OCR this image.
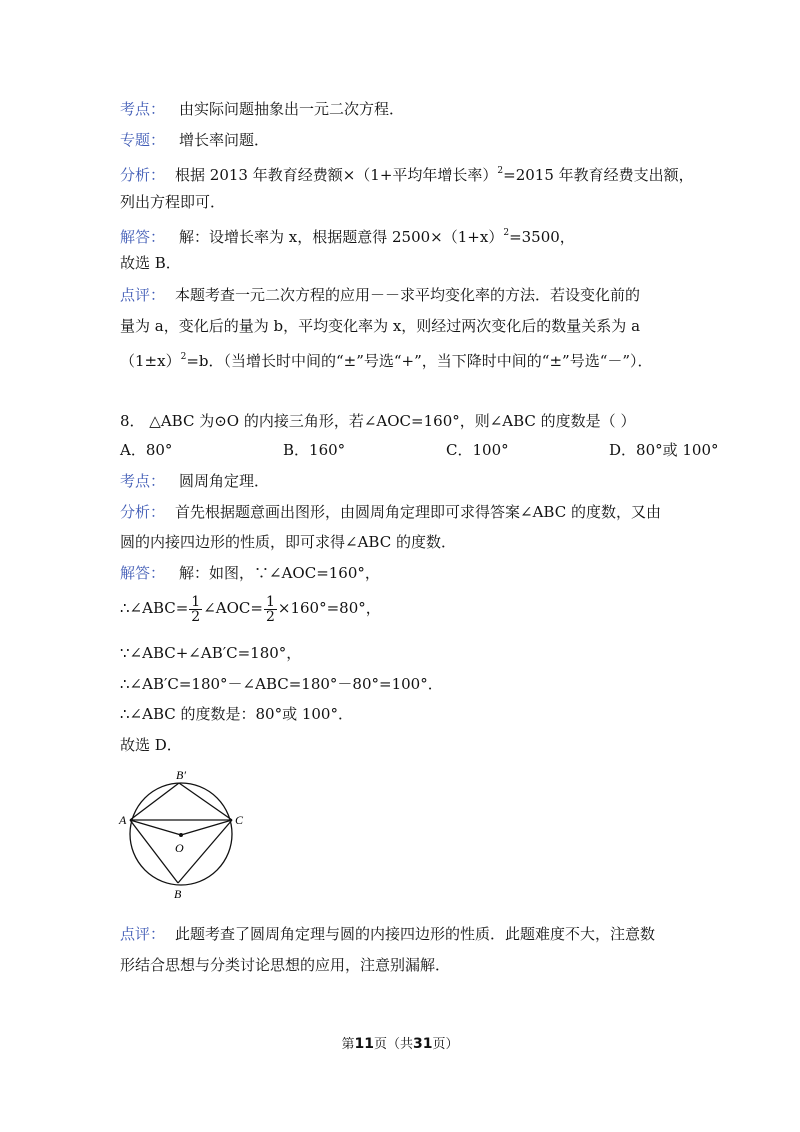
考点： 由实际问题抽象出一元二次方程．
专题： 增长率问题．
分析： 根据 2013 年教育经费额×（1+平均年增长率）$^2$=2015 年教育经费支出额，
列出方程即可．
解答： 解：设增长率为 x，根据题意得 $2500\times(1+x)^2=3500$，
故选 B．
点评： 本题考查一元二次方程的应用－－求平均变化率的方法．若设变化前的
量为 a，变化后的量为 b，平均变化率为 x，则经过两次变化后的数量关系为 a
$(1\pm x)^2=b$．（当增长时中间的“±”号选“+”，当下降时中间的“±”号选“－”）．
8． △ABC 为⊙O 的内接三角形，若∠AOC=160°，则∠ABC 的度数是（ ）
A．80°	B．160°	C．100°	D．80°或 100°
考点： 圆周角定理．
分析： 首先根据题意画出图形，由圆周角定理即可求得答案∠ABC 的度数，又由
圆的内接四边形的性质，即可求得∠ABC 的度数．
解答： 解：如图，∵∠AOC=160°，
∴∠ABC= $\frac{1}{2}$ ∠AOC= $\frac{1}{2} \times 160^\circ=80^\circ$，
∵∠ABC+∠AB′C=180°，
∴∠AB′C=180°－∠ABC=180°－80°=100°．
∴∠ABC 的度数是：80°或 100°．
故选 D．
A	C
O
B
B′
点评： 此题考查了圆周角定理与圆的内接四边形的性质．此题难度不大，注意数
形结合思想与分类讨论思想的应用，注意别漏解．
第11页（共31页）
